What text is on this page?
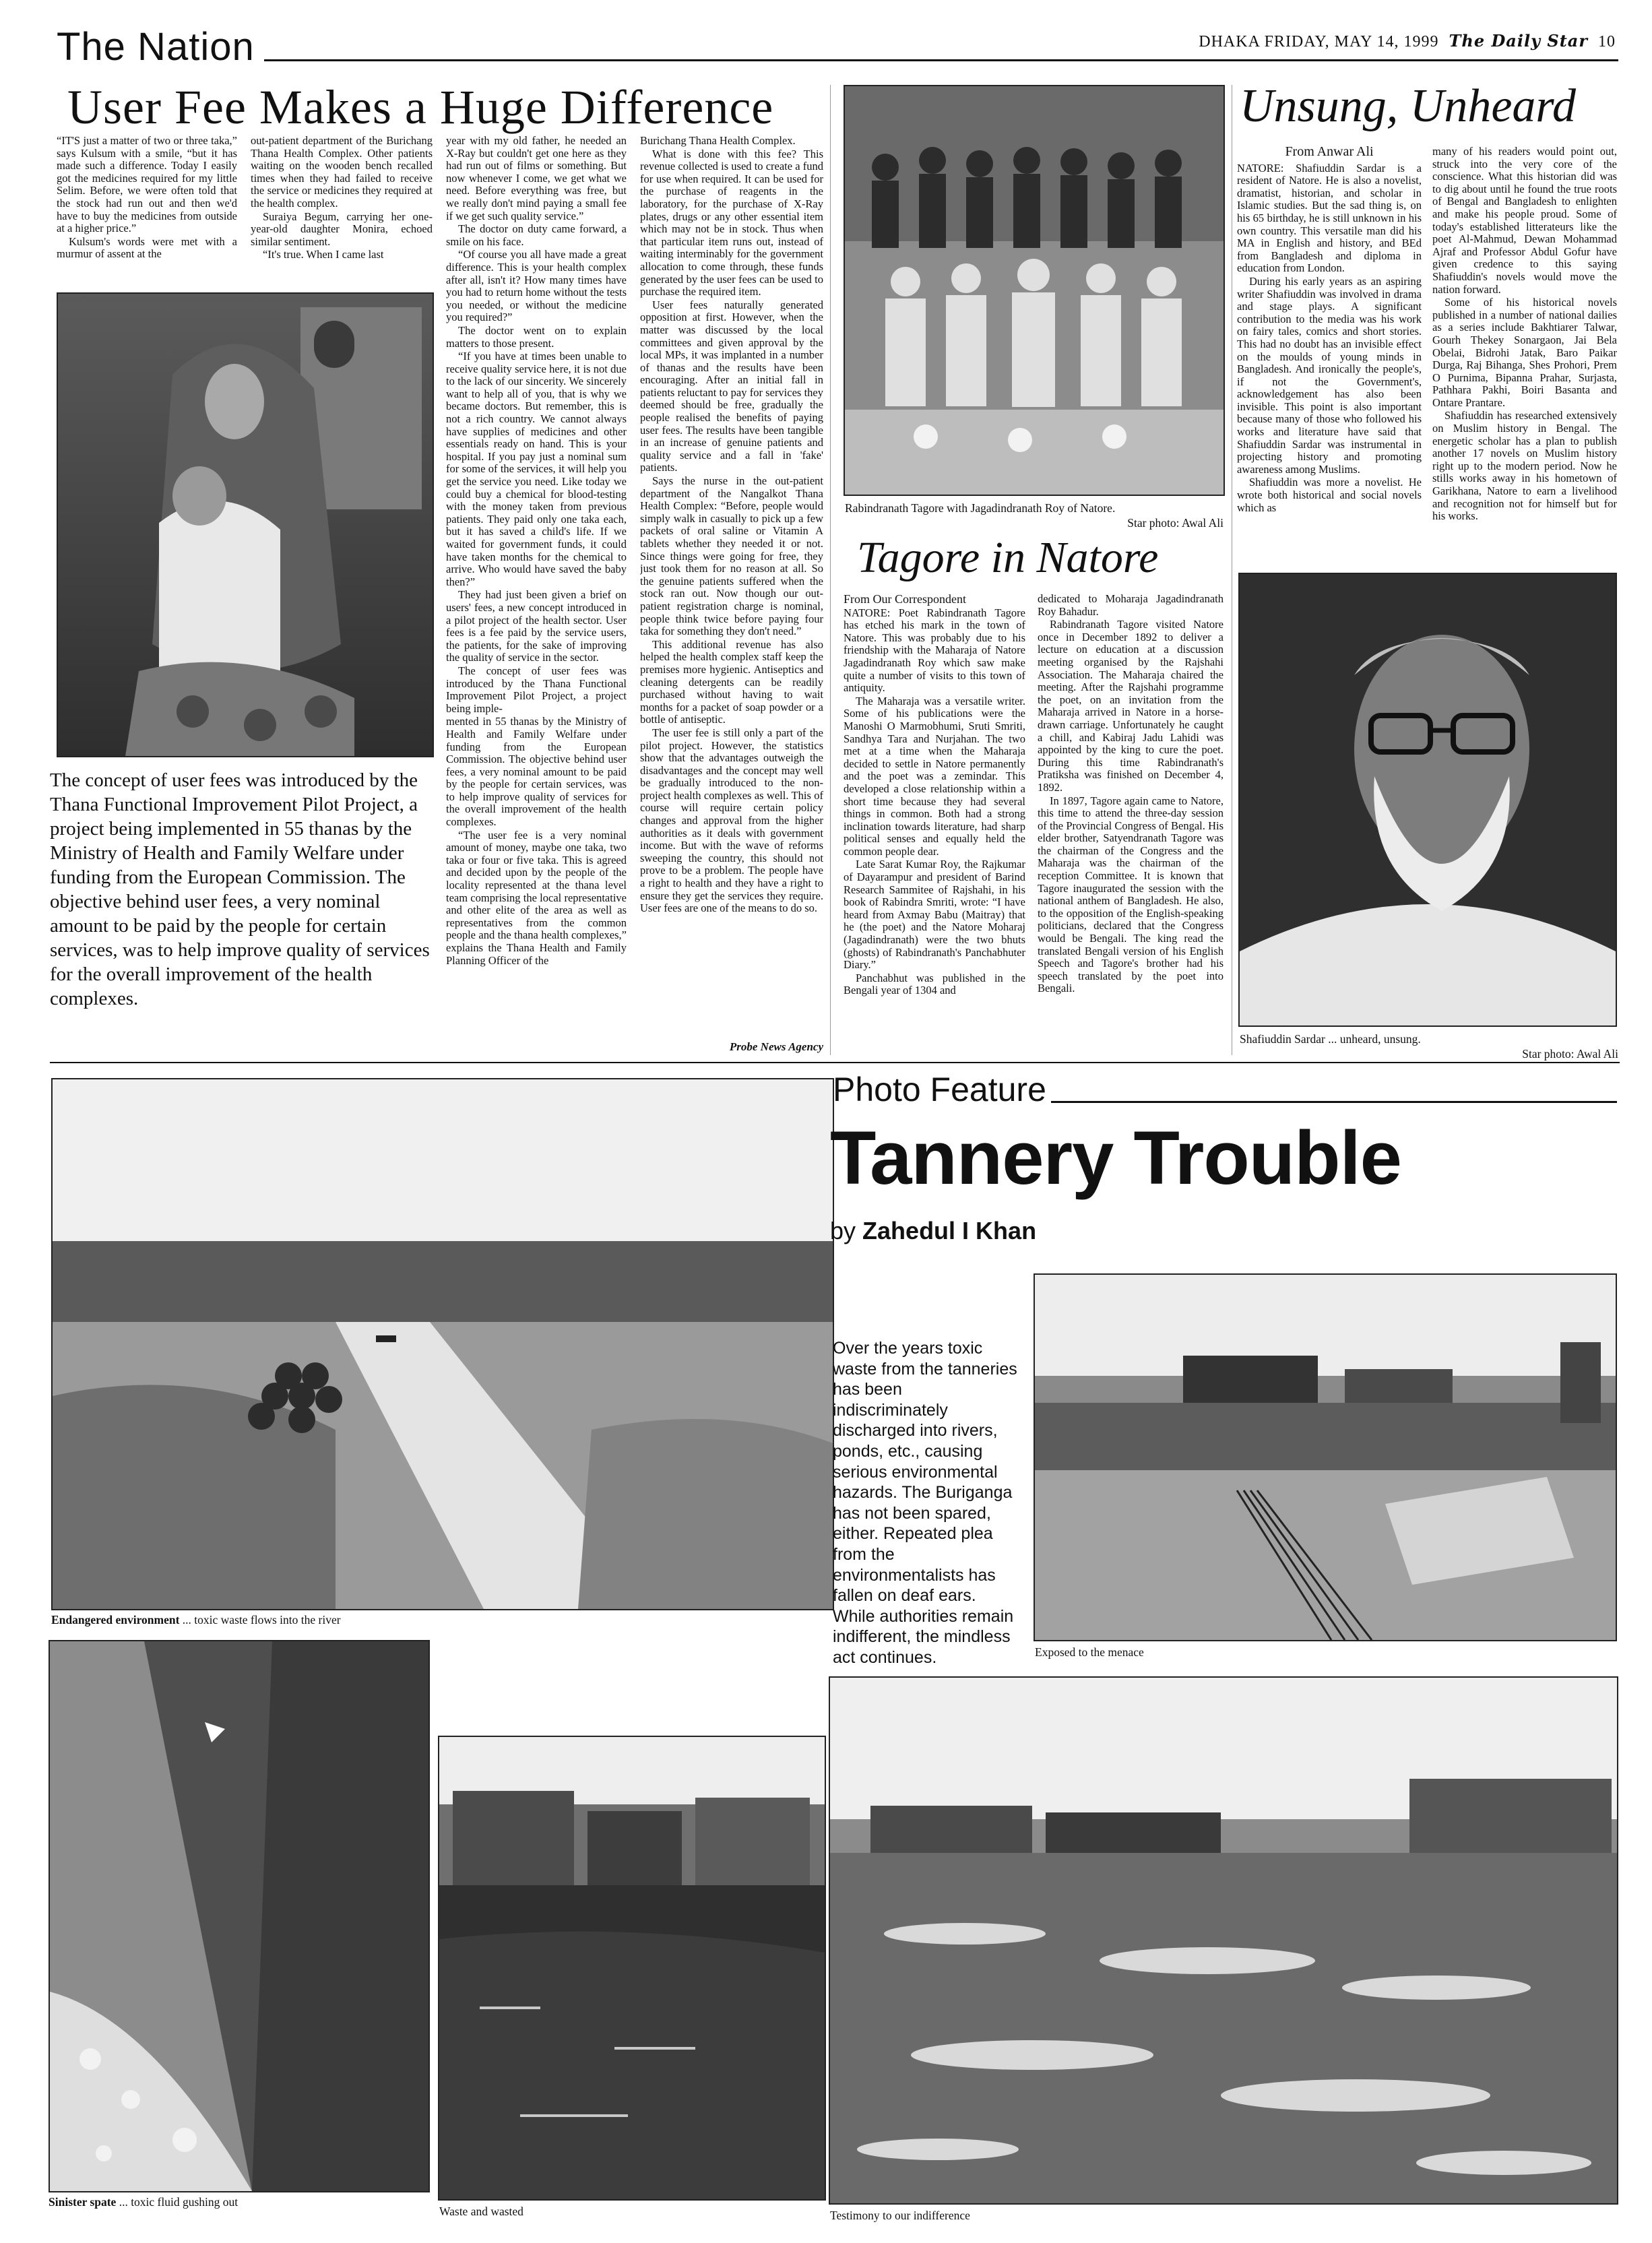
The Nation	DHAKA FRIDAY, MAY 14, 1999 The Daily Star 10
User Fee Makes a Huge Difference

“IT'S just a matter of two or three taka,” says Kulsum with a smile, “but it has made such a difference. Today I easily got the medicines required for my little Selim. Before, we were often told that the stock had run out and then we'd have to buy the medicines from outside at a higher price.”

Kulsum's words were met with a murmur of assent at the

out-patient department of the Burichang Thana Health Complex. Other patients waiting on the wooden bench recalled times when they had failed to receive the service or medicines they required at the health complex.

Suraiya Begum, carrying her one-year-old daughter Monira, echoed similar sentiment.

“It's true. When I came last

The concept of user fees was introduced by the Thana Functional Improvement Pilot Project, a project being implemented in 55 thanas by the Ministry of Health and Family Welfare under funding from the European Commission. The objective behind user fees, a very nominal amount to be paid by the people for certain services, was to help improve quality of services for the overall improvement of the health complexes.

year with my old father, he needed an X-Ray but couldn't get one here as they had run out of films or something. But now whenever I come, we get what we need. Before everything was free, but we really don't mind paying a small fee if we get such quality service.”

The doctor on duty came forward, a smile on his face.

“Of course you all have made a great difference. This is your health complex after all, isn't it? How many times have you had to return home without the tests you needed, or without the medicine you required?”

The doctor went on to explain matters to those present.

“If you have at times been unable to receive quality service here, it is not due to the lack of our sincerity. We sincerely want to help all of you, that is why we became doctors. But remember, this is not a rich country. We cannot always have supplies of medicines and other essentials ready on hand. This is your hospital. If you pay just a nominal sum for some of the services, it will help you get the service you need. Like today we could buy a chemical for blood-testing with the money taken from previous patients. They paid only one taka each, but it has saved a child's life. If we waited for government funds, it could have taken months for the chemical to arrive. Who would have saved the baby then?”

They had just been given a brief on users' fees, a new concept introduced in a pilot project of the health sector. User fees is a fee paid by the service users, the patients, for the sake of improving the quality of service in the sector.

The concept of user fees was introduced by the Thana Functional Improvement Pilot Project, a project being imple-

mented in 55 thanas by the Ministry of Health and Family Welfare under funding from the European Commission. The objective behind user fees, a very nominal amount to be paid by the people for certain services, was to help improve quality of services for the overall improvement of the health complexes.

“The user fee is a very nominal amount of money, maybe one taka, two taka or four or five taka. This is agreed and decided upon by the people of the locality represented at the thana level team comprising the local representative and other elite of the area as well as representatives from the common people and the thana health complexes,” explains the Thana Health and Family Planning Officer of the

Burichang Thana Health Complex.

What is done with this fee? This revenue collected is used to create a fund for use when required. It can be used for the purchase of reagents in the laboratory, for the purchase of X-Ray plates, drugs or any other essential item which may not be in stock. Thus when that particular item runs out, instead of waiting interminably for the government allocation to come through, these funds generated by the user fees can be used to purchase the required item.

User fees naturally generated opposition at first. However, when the matter was discussed by the local committees and given approval by the local MPs, it was implanted in a number of thanas and the results have been encouraging. After an initial fall in patients reluctant to pay for services they deemed should be free, gradually the people realised the benefits of paying user fees. The results have been tangible in an increase of genuine patients and quality service and a fall in 'fake' patients.

Says the nurse in the out-patient department of the Nangalkot Thana Health Complex: “Before, people would simply walk in casually to pick up a few packets of oral saline or Vitamin A tablets whether they needed it or not. Since things were going for free, they just took them for no reason at all. So the genuine patients suffered when the stock ran out. Now though our out-patient registration charge is nominal, people think twice before paying four taka for something they don't need.”

This additional revenue has also helped the health complex staff keep the premises more hygienic. Antiseptics and cleaning detergents can be readily purchased without having to wait months for a packet of soap powder or a bottle of antiseptic.

The user fee is still only a part of the pilot project. However, the statistics show that the advantages outweigh the disadvantages and the concept may well be gradually introduced to the non-project health complexes as well. This of course will require certain policy changes and approval from the higher authorities as it deals with government income. But with the wave of reforms sweeping the country, this should not prove to be a problem. The people have a right to health and they have a right to ensure they get the services they require. User fees are one of the means to do so.

Probe News Agency
Rabindranath Tagore with Jagadindranath Roy of Natore.
Star photo: Awal Ali
Tagore in Natore
From Our Correspondent

NATORE: Poet Rabindranath Tagore has etched his mark in the town of Natore. This was probably due to his friendship with the Maharaja of Natore Jagadindranath Roy which saw make quite a number of visits to this town of antiquity.

The Maharaja was a versatile writer. Some of his publications were the Manoshi O Marmobhumi, Sruti Smriti, Sandhya Tara and Nurjahan. The two met at a time when the Maharaja decided to settle in Natore permanently and the poet was a zemindar. This developed a close relationship within a short time because they had several things in common. Both had a strong inclination towards literature, had sharp political senses and equally held the common people dear.

Late Sarat Kumar Roy, the Rajkumar of Dayarampur and president of Barind Research Sammitee of Rajshahi, in his book of Rabindra Smriti, wrote: “I have heard from Axmay Babu (Maitray) that he (the poet) and the Natore Moharaj (Jagadindranath) were the two bhuts (ghosts) of Rabindranath's Panchabhuter Diary.”

Panchabhut was published in the Bengali year of 1304 and

dedicated to Moharaja Jagadindranath Roy Bahadur.

Rabindranath Tagore visited Natore once in December 1892 to deliver a lecture on education at a discussion meeting organised by the Rajshahi Association. The Maharaja chaired the meeting. After the Rajshahi programme the poet, on an invitation from the Maharaja arrived in Natore in a horse-drawn carriage. Unfortunately he caught a chill, and Kabiraj Jadu Lahidi was appointed by the king to cure the poet. During this time Rabindranath's Pratiksha was finished on December 4, 1892.

In 1897, Tagore again came to Natore, this time to attend the three-day session of the Provincial Congress of Bengal. His elder brother, Satyendranath Tagore was the chairman of the Congress and the Maharaja was the chairman of the reception Committee. It is known that Tagore inaugurated the session with the national anthem of Bangladesh. He also, to the opposition of the English-speaking politicians, declared that the Congress would be Bengali. The king read the translated Bengali version of his English Speech and Tagore's brother had his speech translated by the poet into Bengali.

Unsung, Unheard
From Anwar Ali

NATORE: Shafiuddin Sardar is a resident of Natore. He is also a novelist, dramatist, historian, and scholar in Islamic studies. But the sad thing is, on his 65 birthday, he is still unknown in his own country. This versatile man did his MA in English and history, and BEd from Bangladesh and diploma in education from London.

During his early years as an aspiring writer Shafiuddin was involved in drama and stage plays. A significant contribution to the media was his work on fairy tales, comics and short stories. This had no doubt has an invisible effect on the moulds of young minds in Bangladesh. And ironically the people's, if not the Government's, acknowledgement has also been invisible. This point is also important because many of those who followed his works and literature have said that Shafiuddin Sardar was instrumental in projecting history and promoting awareness among Muslims.

Shafiuddin was more a novelist. He wrote both historical and social novels which as

many of his readers would point out, struck into the very core of the conscience. What this historian did was to dig about until he found the true roots of Bengal and Bangladesh to enlighten and make his people proud. Some of today's established litterateurs like the poet Al-Mahmud, Dewan Mohammad Ajraf and Professor Abdul Gofur have given credence to this saying Shafiuddin's novels would move the nation forward.

Some of his historical novels published in a number of national dailies as a series include Bakhtiarer Talwar, Gourh Thekey Sonargaon, Jai Bela Obelai, Bidrohi Jatak, Baro Paikar Durga, Raj Bihanga, Shes Prohori, Prem O Purnima, Bipanna Prahar, Surjasta, Pathhara Pakhi, Boiri Basanta and Ontare Prantare.

Shafiuddin has researched extensively on Muslim history in Bengal. The energetic scholar has a plan to publish another 17 novels on Muslim history right up to the modern period. Now he stills works away in his hometown of Garikhana, Natore to earn a livelihood and recognition not for himself but for his works.

Shafiuddin Sardar ... unheard, unsung.
Star photo: Awal Ali
Endangered environment ... toxic waste flows into the river
Photo Feature
Tannery Trouble
by Zahedul I Khan
Over the years toxic waste from the tanneries has been indiscriminately discharged into rivers, ponds, etc., causing serious environmental hazards. The Buriganga has not been spared, either. Repeated plea from the environmentalists has fallen on deaf ears. While authorities remain indifferent, the mindless act continues.	Exposed to the menace
Sinister spate ... toxic fluid gushing out
Waste and wasted	Testimony to our indifference
